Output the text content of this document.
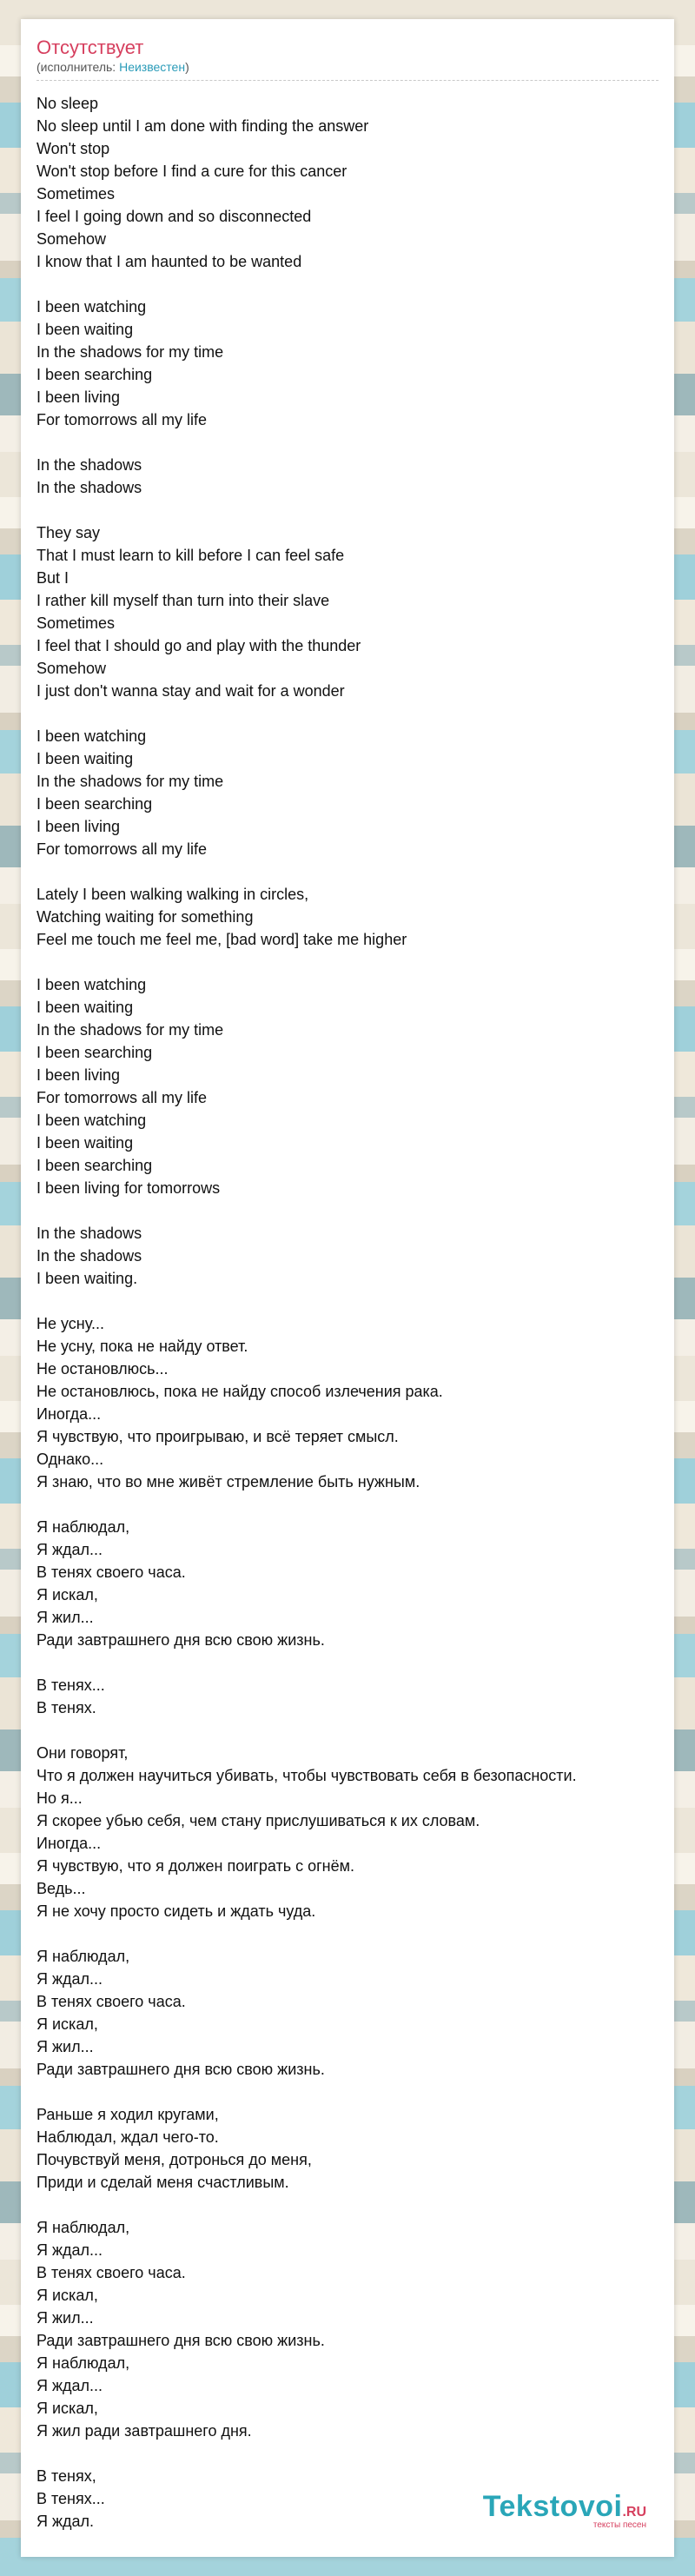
Отсутствует
(исполнитель: Неизвестен)
No sleep
No sleep until I am done with finding the answer
Won't stop
Won't stop before I find a cure for this cancer
Sometimes
I feel I going down and so disconnected
Somehow
I know that I am haunted to be wanted
I been watching
I been waiting
In the shadows for my time
I been searching
I been living
For tomorrows all my life
In the shadows
In the shadows
They say
That I must learn to kill before I can feel safe
But I
I rather kill myself than turn into their slave
Sometimes
I feel that I should go and play with the thunder
Somehow
I just don't wanna stay and wait for a wonder
I been watching
I been waiting
In the shadows for my time
I been searching
I been living
For tomorrows all my life
Lately I been walking walking in circles,
Watching waiting for something
Feel me touch me feel me, [bad word] take me higher
I been watching
I been waiting
In the shadows for my time
I been searching
I been living
For tomorrows all my life
I been watching
I been waiting
I been searching
I been living for tomorrows
In the shadows
In the shadows
I been waiting.
Не усну...
Не усну, пока не найду ответ.
Не остановлюсь...
Не остановлюсь, пока не найду способ излечения рака.
Иногда...
Я чувствую, что проигрываю, и всё теряет смысл.
Однако...
Я знаю, что во мне живёт стремление быть нужным.
Я наблюдал,
Я ждал...
В тенях своего часа.
Я искал,
Я жил...
Ради завтрашнего дня всю свою жизнь.
В тенях...
В тенях.
Они говорят,
Что я должен научиться убивать, чтобы чувствовать себя в безопасности.
Но я...
Я скорее убью себя, чем стану прислушиваться к их словам.
Иногда...
Я чувствую, что я должен поиграть с огнём.
Ведь...
Я не хочу просто сидеть и ждать чуда.
Я наблюдал,
Я ждал...
В тенях своего часа.
Я искал,
Я жил...
Ради завтрашнего дня всю свою жизнь.
Раньше я ходил кругами,
Наблюдал, ждал чего-то.
Почувствуй меня, дотронься до меня,
Приди и сделай меня счастливым.
Я наблюдал,
Я ждал...
В тенях своего часа.
Я искал,
Я жил...
Ради завтрашнего дня всю свою жизнь.
Я наблюдал,
Я ждал...
Я искал,
Я жил ради завтрашнего дня.
В тенях,
В тенях...
Я ждал.	Tekstovoi.RU
тексты песен
